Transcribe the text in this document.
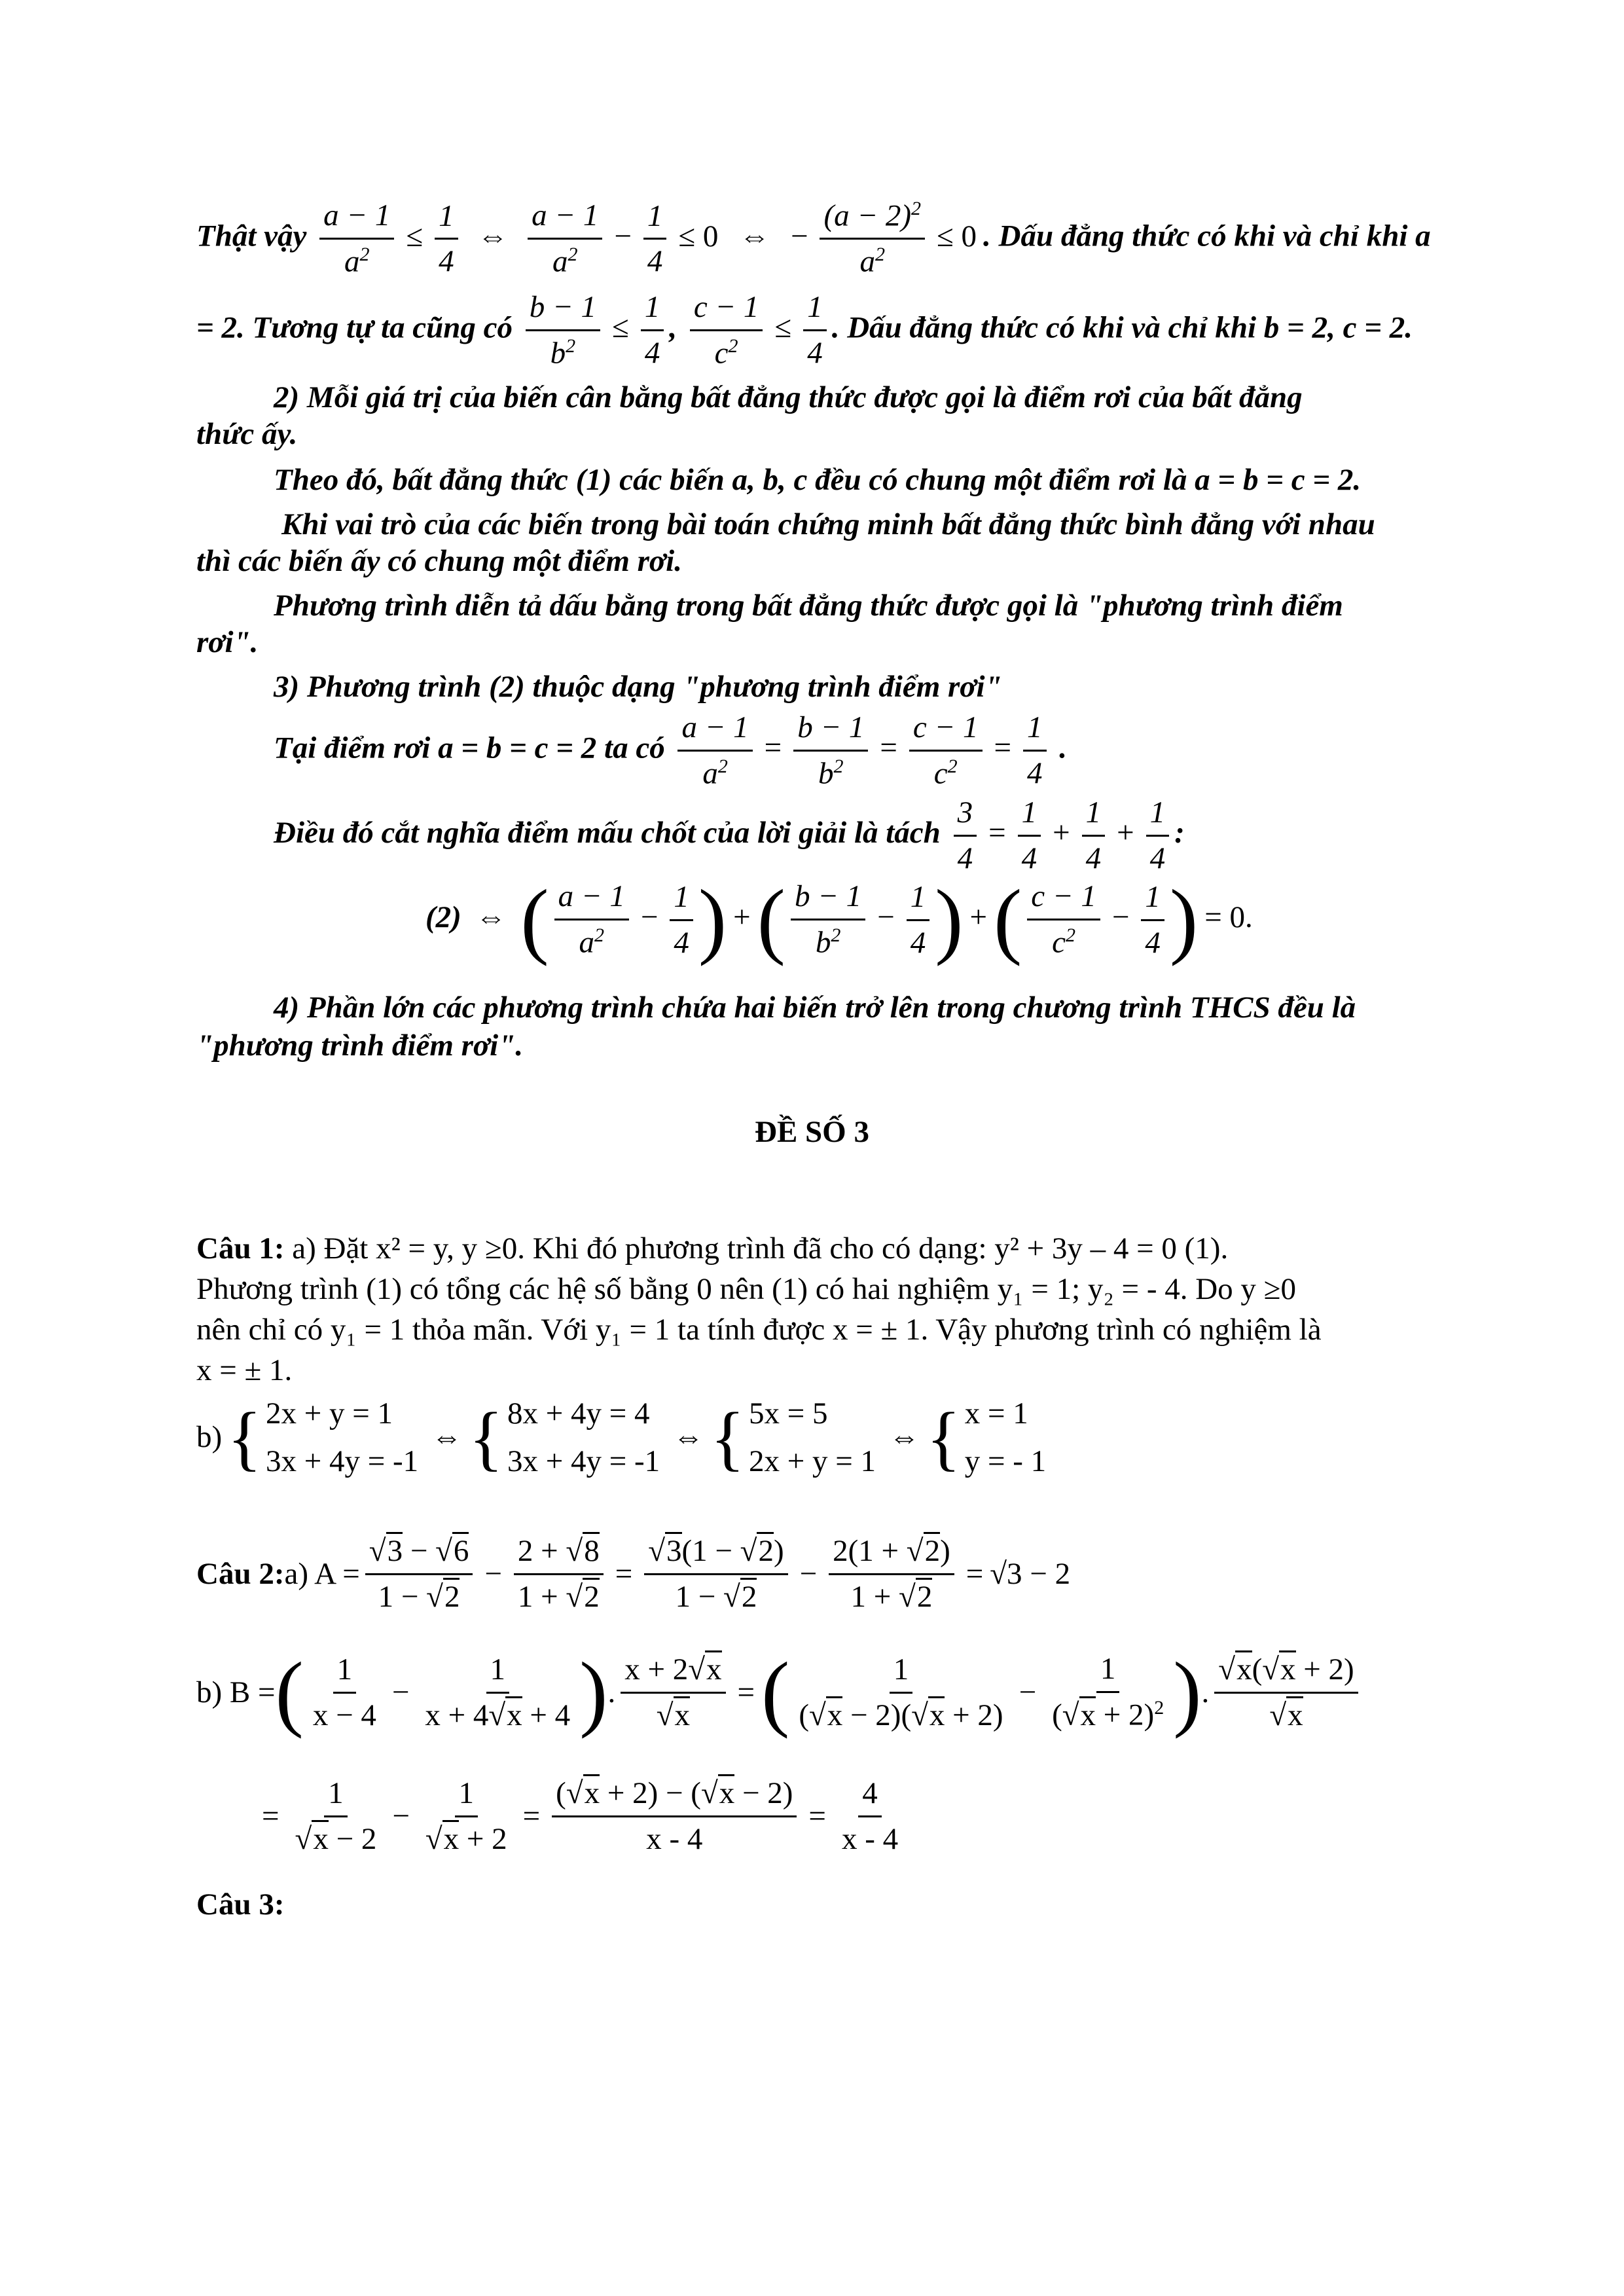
Thật vậy $\frac{a - 1}{a^2} \le \frac{1}{4}$ ⇔ $\frac{a - 1}{a^2} - \frac{1}{4} \le 0$ ⇔ − $\frac{(a - 2)^2}{a^2} \le 0$ . Dấu đẳng thức có khi và chỉ khi a
= 2. Tương tự ta cũng có $\frac{b - 1}{b^2} \le \frac{1}{4}$ , $\frac{c - 1}{c^2} \le \frac{1}{4}$ . Dấu đẳng thức có khi và chỉ khi b = 2, c = 2.
2) Mỗi giá trị của biến cân bằng bất đẳng thức được gọi là điểm rơi của bất đẳng
thức ấy.
Theo đó, bất đẳng thức (1) các biến a, b, c đều có chung một điểm rơi là a = b = c = 2.
Khi vai trò của các biến trong bài toán chứng minh bất đẳng thức bình đẳng với nhau
thì các biến ấy có chung một điểm rơi.
Phương trình diễn tả dấu bằng trong bất đẳng thức được gọi là "phương trình điểm
rơi".
3) Phương trình (2) thuộc dạng "phương trình điểm rơi"
Tại điểm rơi a = b = c = 2 ta có $\frac{a - 1}{a^2} = \frac{b - 1}{b^2} = \frac{c - 1}{c^2} = \frac{1}{4}$ .
Điều đó cắt nghĩa điểm mấu chốt của lời giải là tách $\frac{3}{4} = \frac{1}{4} + \frac{1}{4} + \frac{1}{4}$ :
(2) ⇔ ( $\frac{a - 1}{a^2} - \frac{1}{4}$ ) +( $\frac{b - 1}{b^2} - \frac{1}{4}$ ) +( $\frac{c - 1}{c^2} - \frac{1}{4}$ ) = 0.
4) Phần lớn các phương trình chứa hai biến trở lên trong chương trình THCS đều là
"phương trình điểm rơi".
ĐỀ SỐ 3
Câu 1: a) Đặt x² = y, y ≥0. Khi đó phương trình đã cho có dạng: y² + 3y – 4 = 0 (1).
Phương trình (1) có tổng các hệ số bằng 0 nên (1) có hai nghiệm y₁ = 1; y₂ = - 4. Do y ≥0
nên chỉ có y₁ = 1 thỏa mãn. Với y₁ = 1 ta tính được x = ± 1. Vậy phương trình có nghiệm là
x = ± 1.
b) { 2x + y = 1
3x + 4y = -1
⇔ { 8x + 4y = 4
3x + 4y = -1
⇔ { 5x = 5
2x + y = 1
⇔ { x = 1
y = - 1
Câu 2: a) $A = \frac{√3 - √6}{1 - √2} - \frac{2 + √8}{1 + √2} = \frac{√3(1 - √2)}{1 - √2} - \frac{2(1 + √2)}{1 + √2} = √3 - 2$
b) B = ( 1
x − 4
− $\frac{1}{x + 4√x + 4}$ ) . $\frac{x + 2√x}{√x}$ = (	1
(√x − 2)(√x + 2)
− $\frac{1}{(√x + 2)^2}$ ) .
√x(√x + 2)
√x
= $\frac{1}{√x - 2} - \frac{1}{√x + 2} = \frac{(√x + 2) - (√x - 2)}{x - 4} = \frac{4}{x - 4}$
Câu 3:
